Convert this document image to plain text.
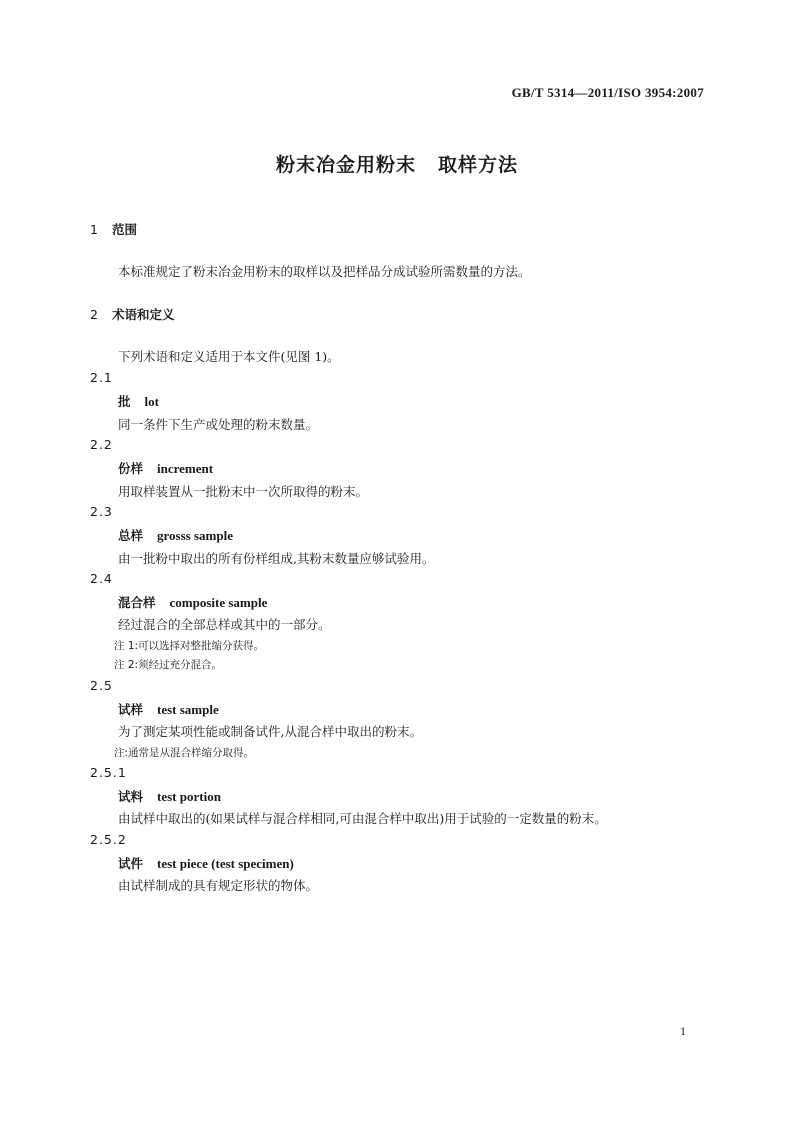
GB/T 5314—2011/ISO 3954:2007
粉末冶金用粉末 取样方法
1 范围
本标准规定了粉末冶金用粉末的取样以及把样品分成试验所需数量的方法。
2 术语和定义
下列术语和定义适用于本文件(见图 1)。
2.1
批 lot
同一条件下生产或处理的粉末数量。
2.2
份样 increment
用取样装置从一批粉末中一次所取得的粉末。
2.3
总样 grosss sample
由一批粉中取出的所有份样组成,其粉末数量应够试验用。
2.4
混合样 composite sample
经过混合的全部总样或其中的一部分。
注 1:可以选择对整批缩分获得。
注 2:须经过充分混合。
2.5
试样 test sample
为了测定某项性能或制备试件,从混合样中取出的粉末。
注:通常是从混合样缩分取得。
2.5.1
试料 test portion
由试样中取出的(如果试样与混合样相同,可由混合样中取出)用于试验的一定数量的粉末。
2.5.2
试件 test piece (test specimen)
由试样制成的具有规定形状的物体。
1
